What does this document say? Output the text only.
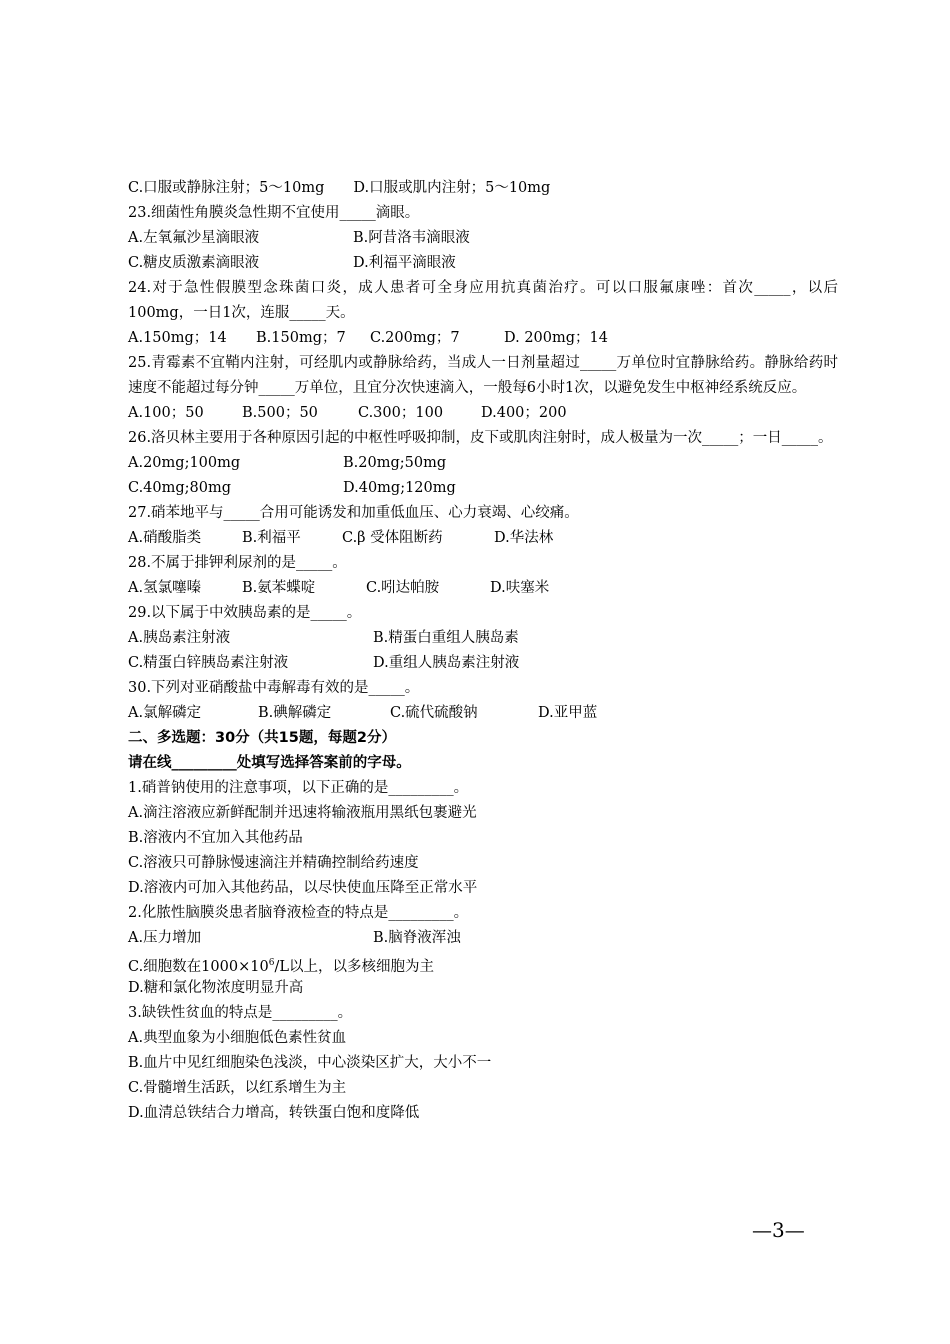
C.口服或静脉注射；5～10mg　　D.口服或肌内注射；5～10mg
23.细菌性角膜炎急性期不宜使用_____滴眼。
A.左氧氟沙星滴眼液	B.阿昔洛韦滴眼液
C.糖皮质激素滴眼液	D.利福平滴眼液
24.对于急性假膜型念珠菌口炎，成人患者可全身应用抗真菌治疗。可以口服氟康唑：首次_____，以后100mg，一日1次，连服_____天。
A.150mg；14	B.150mg；7	C.200mg；7	D. 200mg；14
25.青霉素不宜鞘内注射，可经肌内或静脉给药，当成人一日剂量超过_____万单位时宜静脉给药。静脉给药时速度不能超过每分钟_____万单位，且宜分次快速滴入，一般每6小时1次，以避免发生中枢神经系统反应。
A.100；50	B.500；50	C.300；100	D.400；200
26.洛贝林主要用于各种原因引起的中枢性呼吸抑制，皮下或肌肉注射时，成人极量为一次_____；一日_____。
A.20mg;100mg	B.20mg;50mg
C.40mg;80mg	D.40mg;120mg
27.硝苯地平与_____合用可能诱发和加重低血压、心力衰竭、心绞痛。
A.硝酸脂类	B.利福平	C.β 受体阻断药	D.华法林
28.不属于排钾利尿剂的是_____。
A.氢氯噻嗪	B.氨苯蝶啶	C.吲达帕胺	D.呋塞米
29.以下属于中效胰岛素的是_____。
A.胰岛素注射液	B.精蛋白重组人胰岛素
C.精蛋白锌胰岛素注射液	D.重组人胰岛素注射液
30.下列对亚硝酸盐中毒解毒有效的是_____。
A.氯解磷定	B.碘解磷定	C.硫代硫酸钠	D.亚甲蓝
二、多选题：30分（共15题，每题2分）
请在线_________处填写选择答案前的字母。
1.硝普钠使用的注意事项，以下正确的是_________。
A.滴注溶液应新鲜配制并迅速将输液瓶用黑纸包裹避光
B.溶液内不宜加入其他药品
C.溶液只可静脉慢速滴注并精确控制给药速度
D.溶液内可加入其他药品，以尽快使血压降至正常水平
2.化脓性脑膜炎患者脑脊液检查的特点是_________。
A.压力增加	B.脑脊液浑浊
C.细胞数在$1000\times 10^6/L$以上，以多核细胞为主
D.糖和氯化物浓度明显升高
3.缺铁性贫血的特点是_________。
A.典型血象为小细胞低色素性贫血
B.血片中见红细胞染色浅淡，中心淡染区扩大，大小不一
C.骨髓增生活跃，以红系增生为主
D.血清总铁结合力增高，转铁蛋白饱和度降低
—3—
